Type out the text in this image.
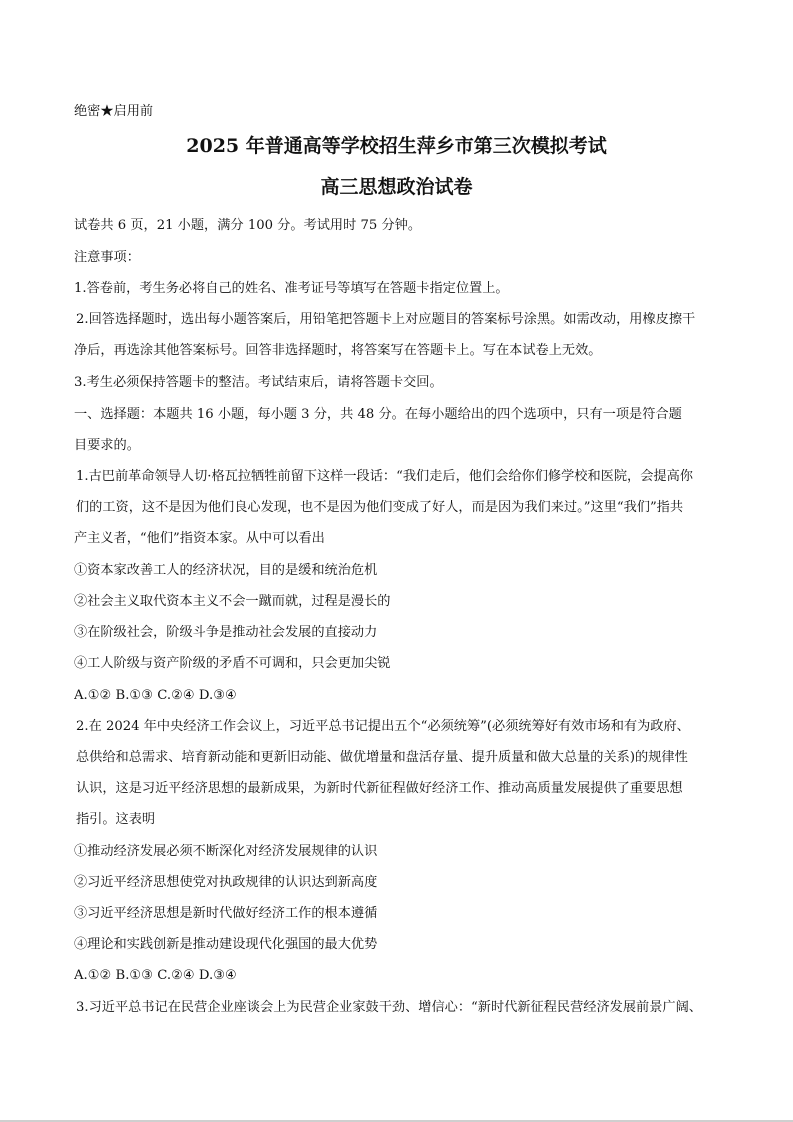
绝密★启用前
2025 年普通高等学校招生萍乡市第三次模拟考试
高三思想政治试卷
试卷共 6 页，21 小题，满分 100 分。考试用时 75 分钟。
注意事项：
1.答卷前，考生务必将自己的姓名、准考证号等填写在答题卡指定位置上。
2.回答选择题时，选出每小题答案后，用铅笔把答题卡上对应题目的答案标号涂黑。如需改动，用橡皮擦干
净后，再选涂其他答案标号。回答非选择题时，将答案写在答题卡上。写在本试卷上无效。
3.考生必须保持答题卡的整洁。考试结束后，请将答题卡交回。
一、选择题：本题共 16 小题，每小题 3 分，共 48 分。在每小题给出的四个选项中，只有一项是符合题
目要求的。
1.古巴前革命领导人切·格瓦拉牺牲前留下这样一段话：“我们走后，他们会给你们修学校和医院，会提高你
们的工资，这不是因为他们良心发现，也不是因为他们变成了好人，而是因为我们来过。”这里“我们”指共
产主义者，“他们”指资本家。从中可以看出
①资本家改善工人的经济状况，目的是缓和统治危机
②社会主义取代资本主义不会一蹴而就，过程是漫长的
③在阶级社会，阶级斗争是推动社会发展的直接动力
④工人阶级与资产阶级的矛盾不可调和，只会更加尖锐
A.①② B.①③ C.②④ D.③④
2.在 2024 年中央经济工作会议上，习近平总书记提出五个“必须统筹”(必须统筹好有效市场和有为政府、
总供给和总需求、培育新动能和更新旧动能、做优增量和盘活存量、提升质量和做大总量的关系)的规律性
认识，这是习近平经济思想的最新成果，为新时代新征程做好经济工作、推动高质量发展提供了重要思想
指引。这表明
①推动经济发展必须不断深化对经济发展规律的认识
②习近平经济思想使党对执政规律的认识达到新高度
③习近平经济思想是新时代做好经济工作的根本遵循
④理论和实践创新是推动建设现代化强国的最大优势
A.①② B.①③ C.②④ D.③④
3.习近平总书记在民营企业座谈会上为民营企业家鼓干劲、增信心：“新时代新征程民营经济发展前景广阔、
